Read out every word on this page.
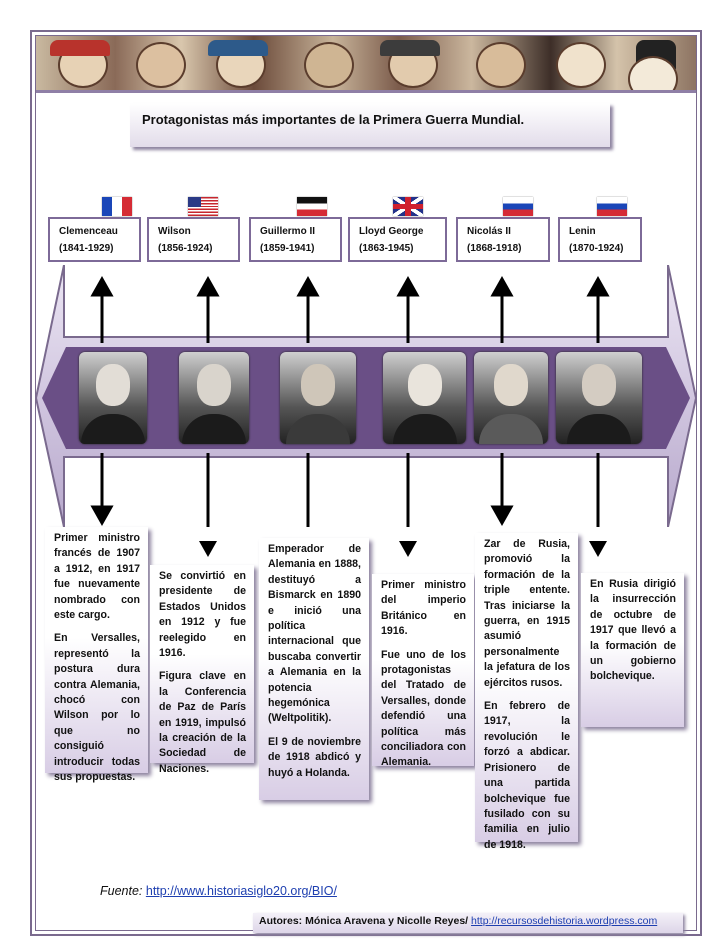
Protagonistas más importantes de la Primera Guerra Mundial.
Clemenceau
(1841-1929)
Wilson
(1856-1924)
Guillermo II
(1859-1941)
Lloyd George
(1863-1945)
Nicolás II
(1868-1918)
Lenin
(1870-1924)

Primer ministro francés de 1907 a 1912, en 1917 fue nuevamente nombrado con este cargo.

En Versalles, representó la postura dura contra Alemania, chocó con Wilson por lo que no consiguió introducir todas sus propuestas.

Se convirtió en presidente de Estados Unidos en 1912 y fue reelegido en 1916.

Figura clave en la Conferencia de Paz de París en 1919, impulsó la creación de la Sociedad de Naciones.

Emperador de Alemania en 1888, destituyó a Bismarck en 1890 e inició una política internacional que buscaba convertir a Alemania en la potencia hegemónica (Weltpolitik).

El 9 de noviembre de 1918 abdicó y huyó a Holanda.

Primer ministro del imperio Británico en 1916.

Fue uno de los protagonistas del Tratado de Versalles, donde defendió una política más conciliadora con Alemania.

Zar de Rusia, promovió la formación de la triple entente. Tras iniciarse la guerra, en 1915 asumió personalmente la jefatura de los ejércitos rusos.

En febrero de 1917, la revolución le forzó a abdicar. Prisionero de una partida bolchevique fue fusilado con su familia en julio de 1918.

En Rusia dirigió la insurrección de octubre de 1917 que llevó a la formación de un gobierno bolchevique.

Fuente: http://www.historiasiglo20.org/BIO/
Autores: Mónica Aravena y Nicolle Reyes/ http://recursosdehistoria.wordpress.com
